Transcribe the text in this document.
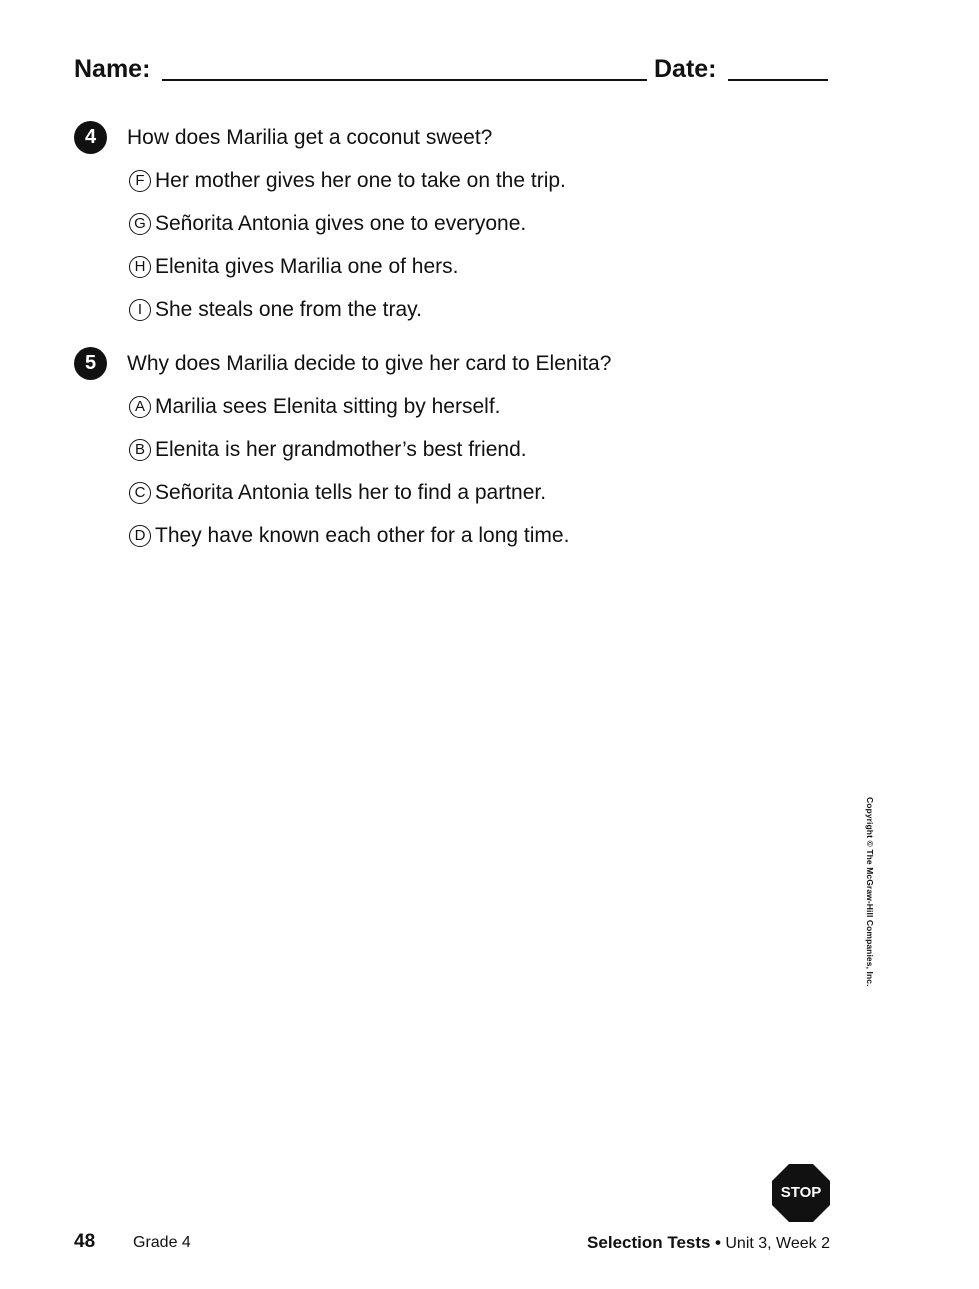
Name:	Date:
4	How does Marilia get a coconut sweet?
F Her mother gives her one to take on the trip.
G Señorita Antonia gives one to everyone.
H Elenita gives Marilia one of hers.
I She steals one from the tray.
5	Why does Marilia decide to give her card to Elenita?
A Marilia sees Elenita sitting by herself.
B Elenita is her grandmother’s best friend.
C Señorita Antonia tells her to find a partner.
D They have known each other for a long time.
Copyright © The McGraw-Hill Companies, Inc.
STOP
48 Grade 4	Selection Tests • Unit 3, Week 2
